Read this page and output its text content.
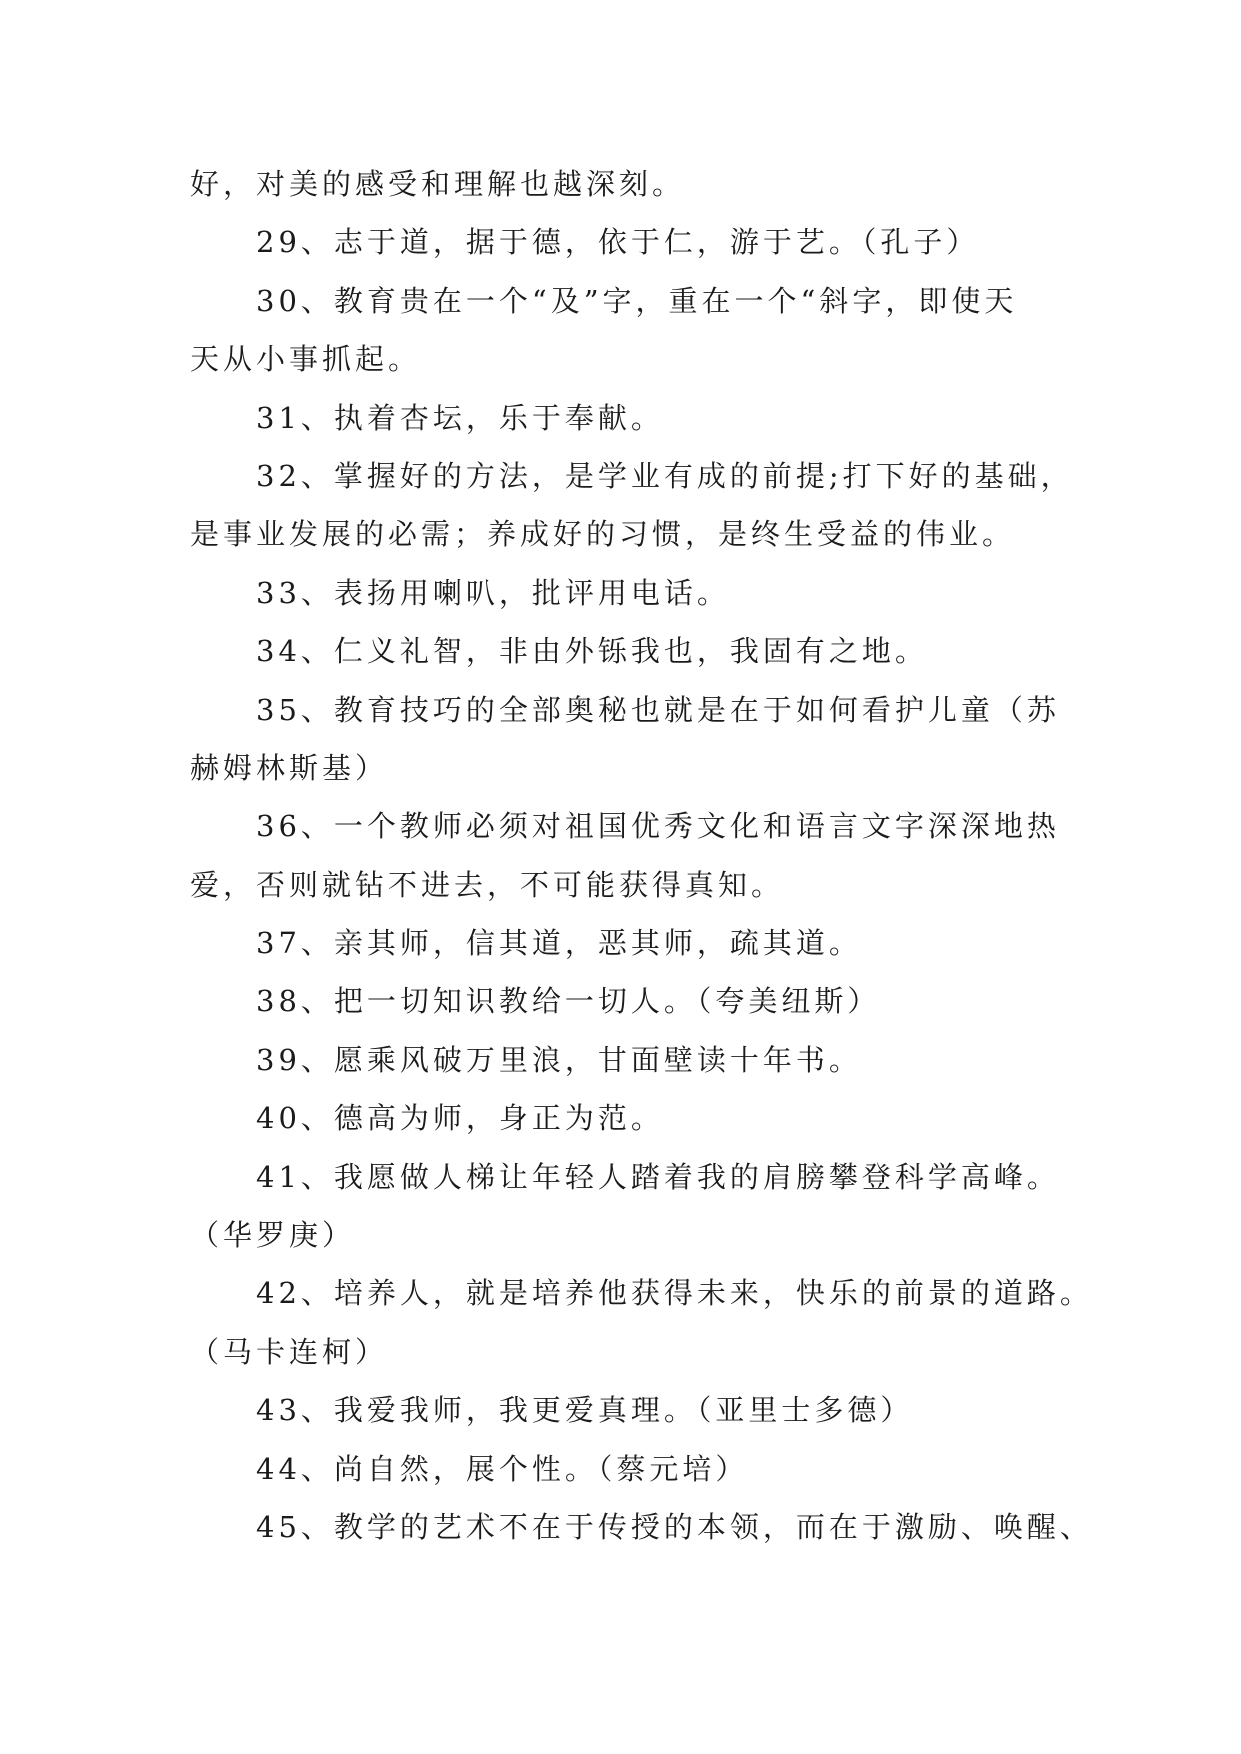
好，对美的感受和理解也越深刻。
29、志于道，据于德，依于仁，游于艺。（孔子）
30、教育贵在一个“及”字，重在一个“斜字，即使天
天从小事抓起。
31、执着杏坛，乐于奉献。
32、掌握好的方法，是学业有成的前提;打下好的基础，
是事业发展的必需；养成好的习惯，是终生受益的伟业。
33、表扬用喇叭，批评用电话。
34、仁义礼智，非由外铄我也，我固有之地。
35、教育技巧的全部奥秘也就是在于如何看护儿童（苏
赫姆林斯基）
36、一个教师必须对祖国优秀文化和语言文字深深地热
爱，否则就钻不进去，不可能获得真知。
37、亲其师，信其道，恶其师，疏其道。
38、把一切知识教给一切人。（夸美纽斯）
39、愿乘风破万里浪，甘面壁读十年书。
40、德高为师，身正为范。
41、我愿做人梯让年轻人踏着我的肩膀攀登科学高峰。
（华罗庚）
42、培养人，就是培养他获得未来，快乐的前景的道路。
（马卡连柯）
43、我爱我师，我更爱真理。（亚里士多德）
44、尚自然，展个性。（蔡元培）
45、教学的艺术不在于传授的本领，而在于激励、唤醒、
